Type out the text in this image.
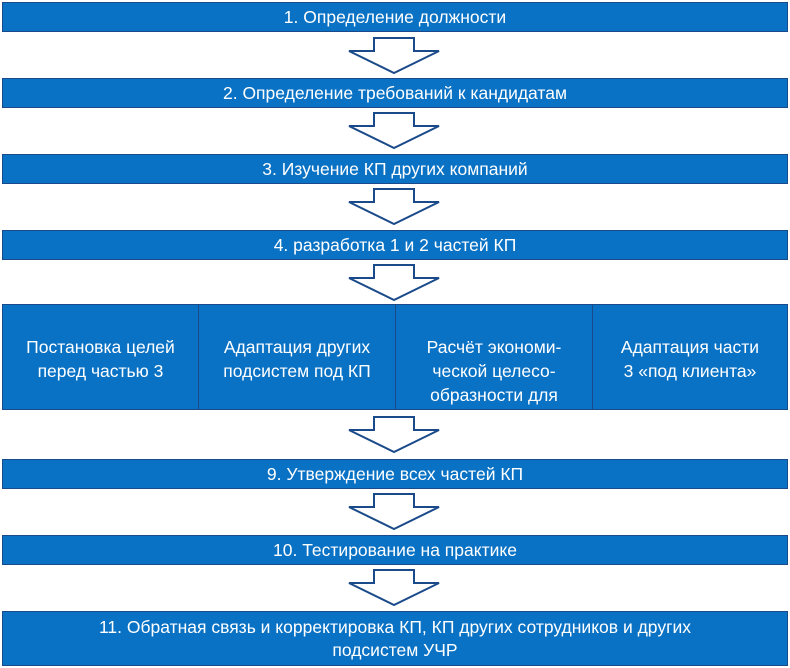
1. Определение должности
2. Определение требований к кандидатам
3. Изучение КП других компаний
4. разработка 1 и 2 частей КП

Постановка целей
перед частью 3

Адаптация других
подсистем под КП

Расчёт экономи-
ческой целесо-
образности для
части 3

Адаптация части
3 «под клиента»

9. Утверждение всех частей КП
10. Тестирование на практике
11. Обратная связь и корректировка КП, КП других сотрудников и других
подсистем УЧР
